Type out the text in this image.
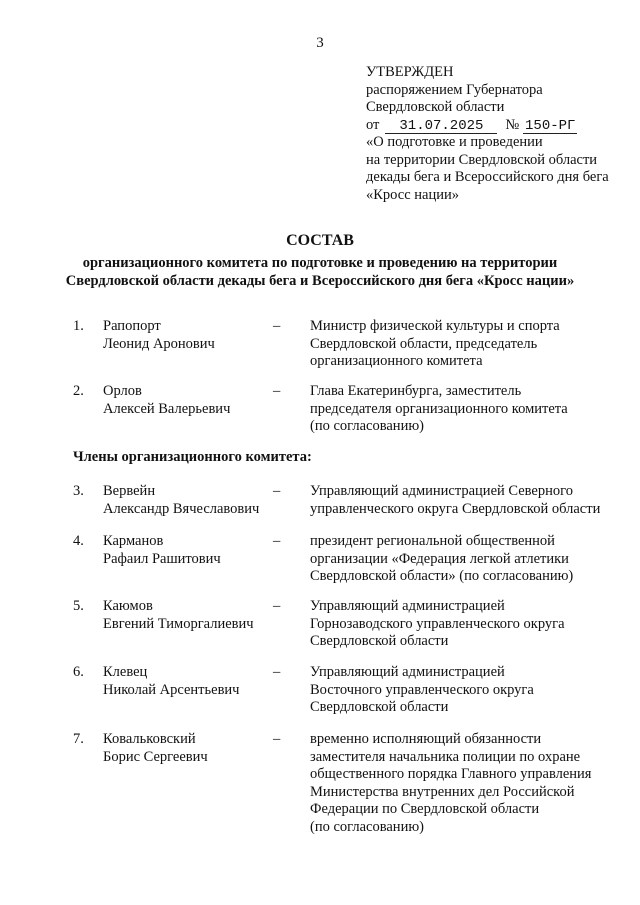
3
УТВЕРЖДЕН
распоряжением Губернатора
Свердловской области
от 31.07.2025 № 150-РГ
«О подготовке и проведении
на территории Свердловской области
декады бега и Всероссийского дня бега
«Кросс нации»
СОСТАВ
организационного комитета по подготовке и проведению на территории
Свердловской области декады бега и Всероссийского дня бега «Кросс нации»
1. Рапопорт
Леонид Аронович
– Министр физической культуры и спорта
Свердловской области, председатель
организационного комитета
2. Орлов
Алексей Валерьевич
– Глава Екатеринбурга, заместитель
председателя организационного комитета
(по согласованию)
Члены организационного комитета:
3. Вервейн
Александр Вячеславович
– Управляющий администрацией Северного
управленческого округа Свердловской области
4. Карманов
Рафаил Рашитович
– президент региональной общественной
организации «Федерация легкой атлетики
Свердловской области» (по согласованию)
5. Каюмов
Евгений Тиморгалиевич
– Управляющий администрацией
Горнозаводского управленческого округа
Свердловской области
6. Клевец
Николай Арсентьевич
– Управляющий администрацией
Восточного управленческого округа
Свердловской области
7. Ковальковский
Борис Сергеевич
– временно исполняющий обязанности
заместителя начальника полиции по охране
общественного порядка Главного управления
Министерства внутренних дел Российской
Федерации по Свердловской области
(по согласованию)
